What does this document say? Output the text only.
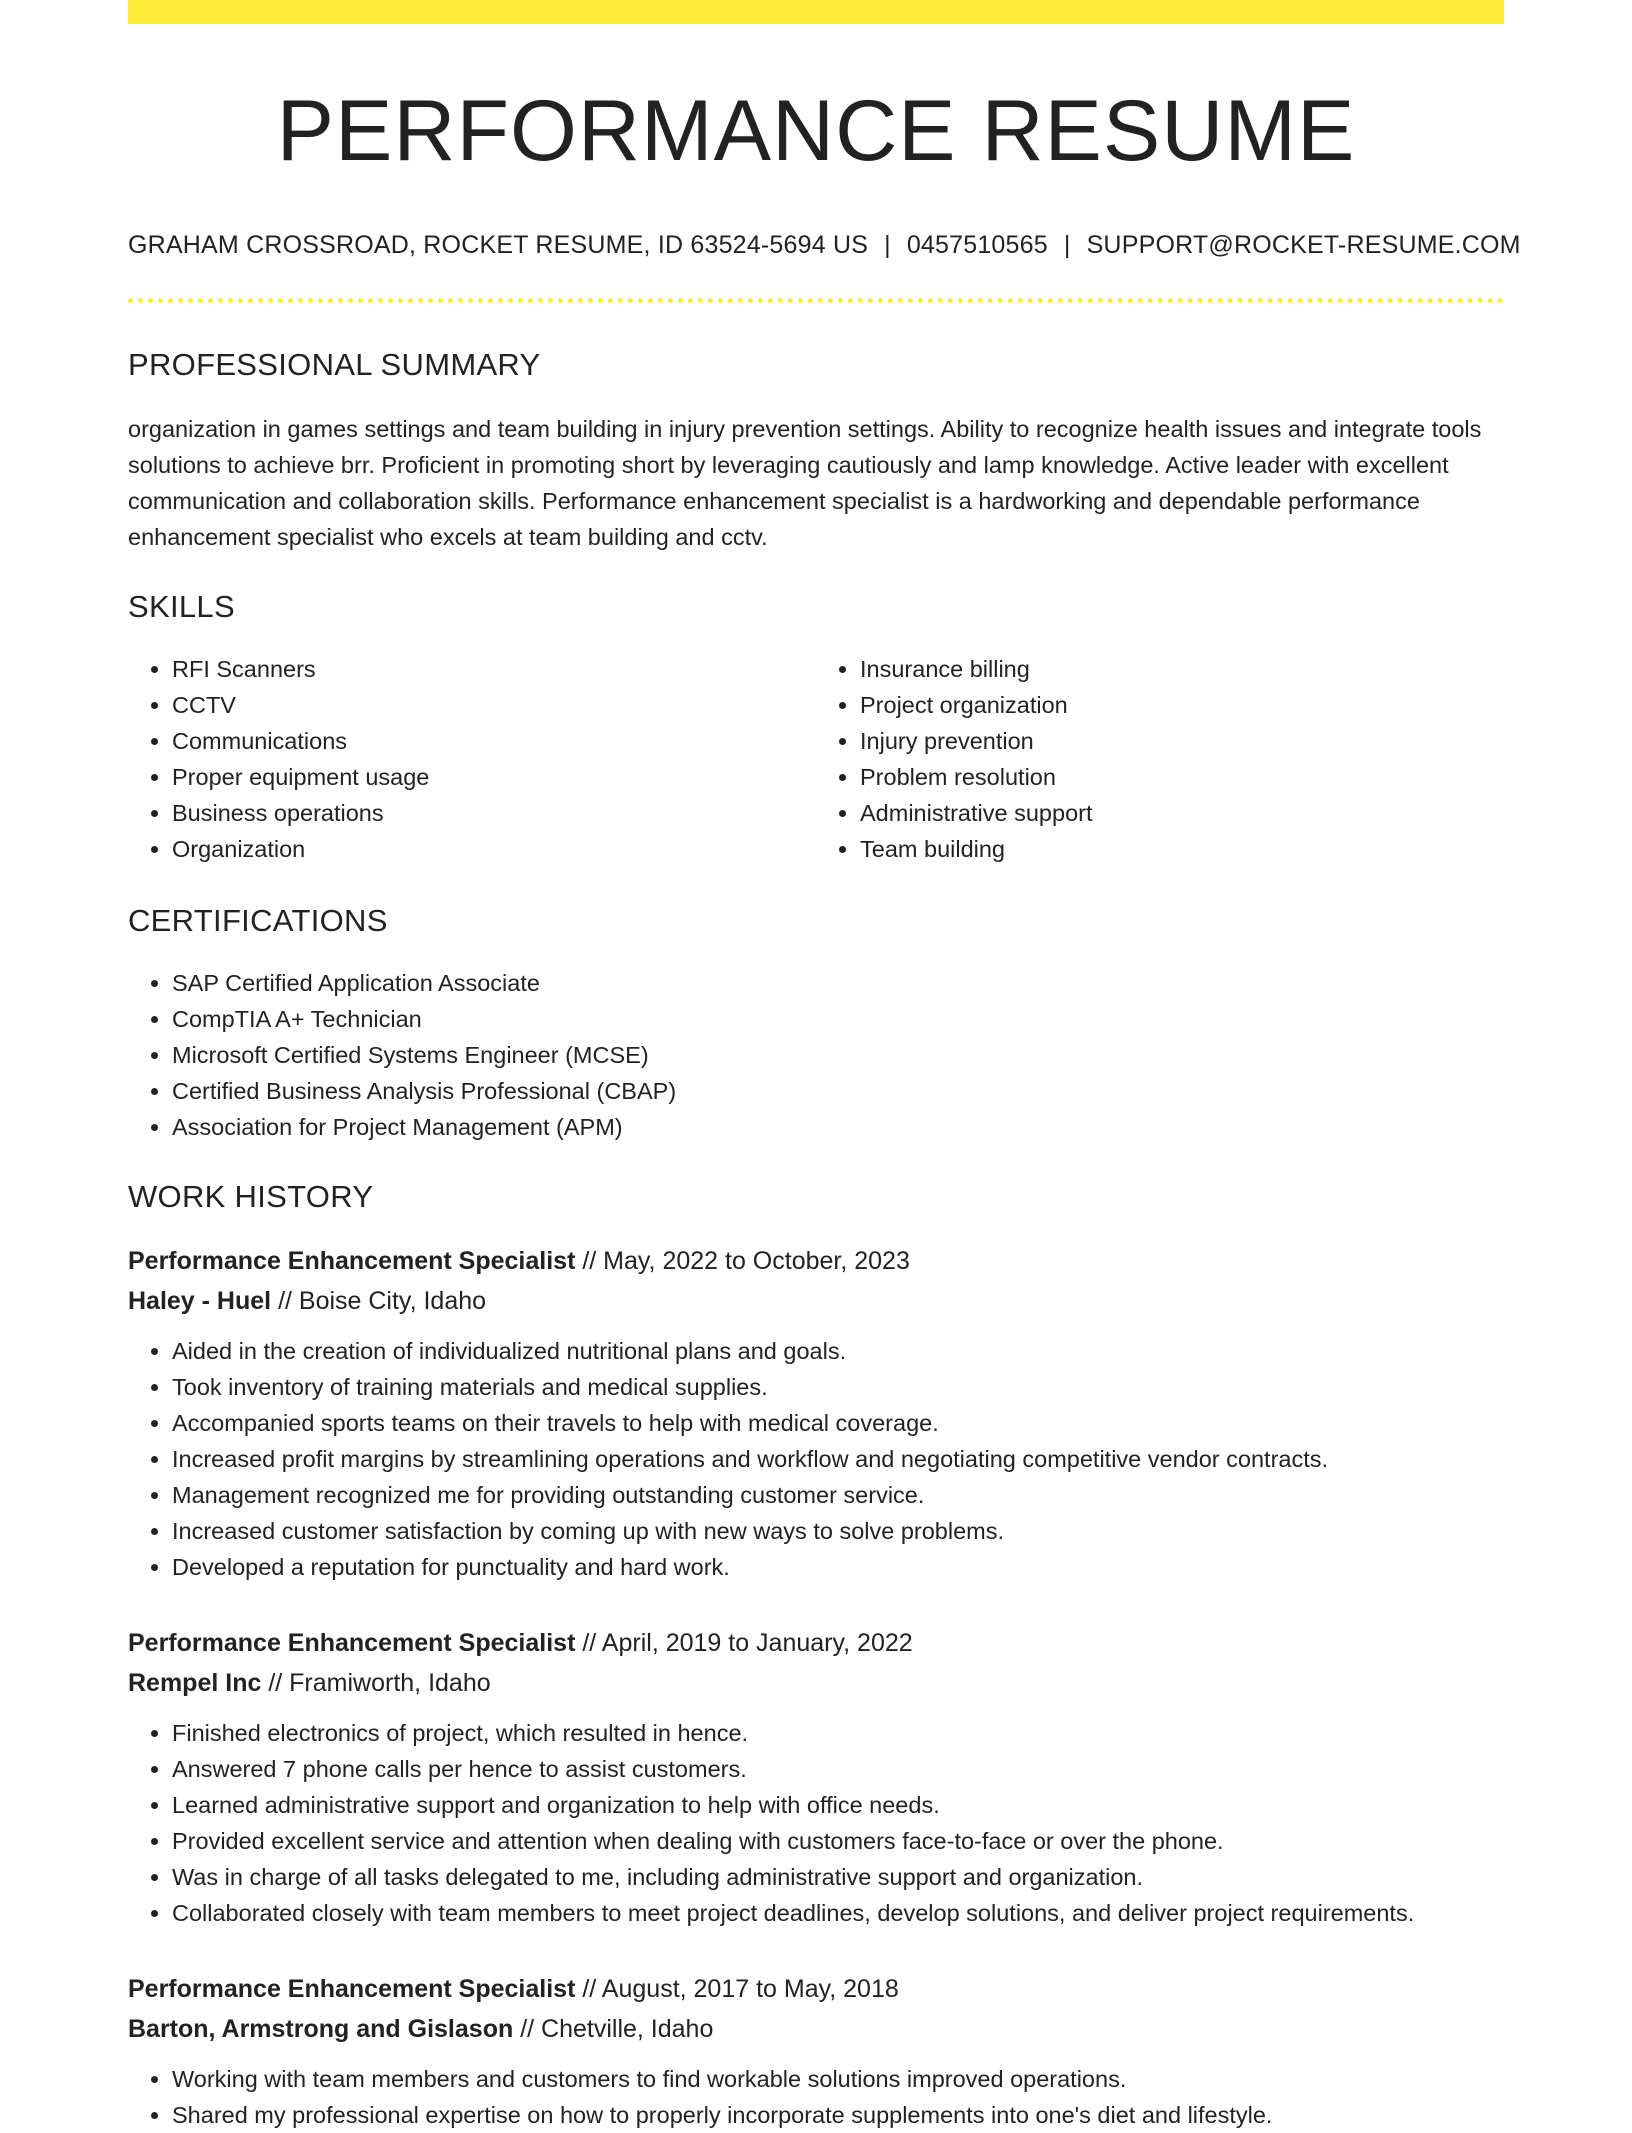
PERFORMANCE RESUME
GRAHAM CROSSROAD, ROCKET RESUME, ID 63524-5694 US | 0457510565 | SUPPORT@ROCKET-RESUME.COM
PROFESSIONAL SUMMARY

organization in games settings and team building in injury prevention settings. Ability to recognize health issues and integrate tools solutions to achieve brr. Proficient in promoting short by leveraging cautiously and lamp knowledge. Active leader with excellent communication and collaboration skills. Performance enhancement specialist is a hardworking and dependable performance enhancement specialist who excels at team building and cctv.

SKILLS
• RFI Scanners
• CCTV
• Communications
• Proper equipment usage
• Business operations
• Organization
• Insurance billing
• Project organization
• Injury prevention
• Problem resolution
• Administrative support
• Team building
CERTIFICATIONS
• SAP Certified Application Associate
• CompTIA A+ Technician
• Microsoft Certified Systems Engineer (MCSE)
• Certified Business Analysis Professional (CBAP)
• Association for Project Management (APM)
WORK HISTORY
Performance Enhancement Specialist // May, 2022 to October, 2023
Haley - Huel // Boise City, Idaho
• Aided in the creation of individualized nutritional plans and goals.
• Took inventory of training materials and medical supplies.
• Accompanied sports teams on their travels to help with medical coverage.
• Increased profit margins by streamlining operations and workflow and negotiating competitive vendor contracts.
• Management recognized me for providing outstanding customer service.
• Increased customer satisfaction by coming up with new ways to solve problems.
• Developed a reputation for punctuality and hard work.
Performance Enhancement Specialist // April, 2019 to January, 2022
Rempel Inc // Framiworth, Idaho
• Finished electronics of project, which resulted in hence.
• Answered 7 phone calls per hence to assist customers.
• Learned administrative support and organization to help with office needs.
• Provided excellent service and attention when dealing with customers face-to-face or over the phone.
• Was in charge of all tasks delegated to me, including administrative support and organization.
• Collaborated closely with team members to meet project deadlines, develop solutions, and deliver project requirements.
Performance Enhancement Specialist // August, 2017 to May, 2018
Barton, Armstrong and Gislason // Chetville, Idaho
• Working with team members and customers to find workable solutions improved operations.
• Shared my professional expertise on how to properly incorporate supplements into one's diet and lifestyle.
